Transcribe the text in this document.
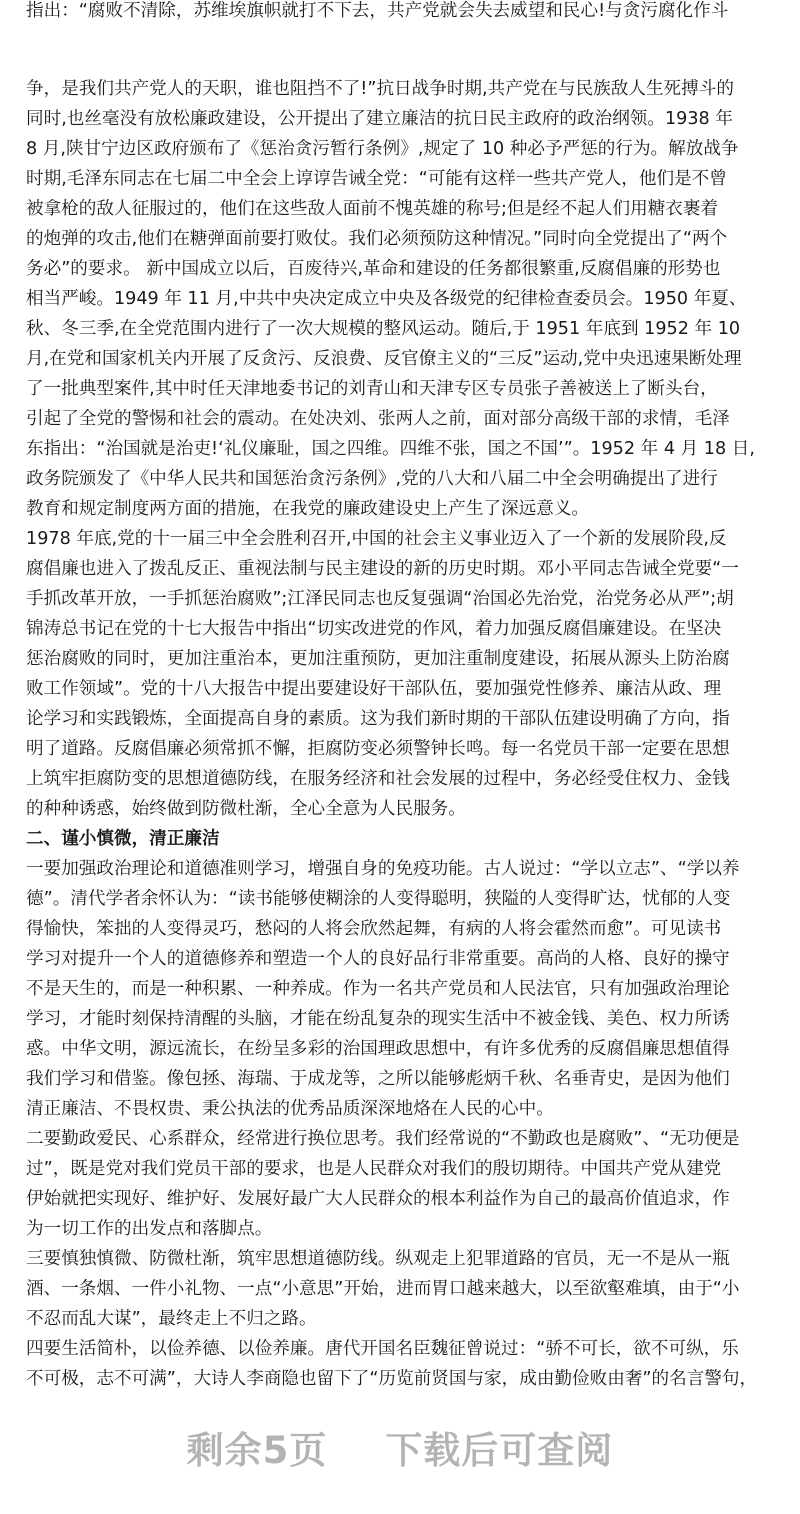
指出：“腐败不清除，苏维埃旗帜就打不下去，共产党就会失去威望和民心!与贪污腐化作斗
争，是我们共产党人的天职，谁也阻挡不了!”抗日战争时期,共产党在与民族敌人生死搏斗的
同时,也丝毫没有放松廉政建设，公开提出了建立廉洁的抗日民主政府的政治纲领。1938 年
8 月,陕甘宁边区政府颁布了《惩治贪污暂行条例》,规定了 10 种必予严惩的行为。解放战争
时期,毛泽东同志在七届二中全会上谆谆告诫全党：“可能有这样一些共产党人，他们是不曾
被拿枪的敌人征服过的，他们在这些敌人面前不愧英雄的称号;但是经不起人们用糖衣裹着
的炮弹的攻击,他们在糖弹面前要打败仗。我们必须预防这种情况。”同时向全党提出了“两个
务必”的要求。 新中国成立以后，百废待兴,革命和建设的任务都很繁重,反腐倡廉的形势也
相当严峻。1949 年 11 月,中共中央决定成立中央及各级党的纪律检查委员会。1950 年夏、
秋、冬三季,在全党范围内进行了一次大规模的整风运动。随后,于 1951 年底到 1952 年 10
月,在党和国家机关内开展了反贪污、反浪费、反官僚主义的“三反”运动,党中央迅速果断处理
了一批典型案件,其中时任天津地委书记的刘青山和天津专区专员张子善被送上了断头台，
引起了全党的警惕和社会的震动。在处决刘、张两人之前，面对部分高级干部的求情，毛泽
东指出：“治国就是治吏!‘礼仪廉耻，国之四维。四维不张，国之不国’”。1952 年 4 月 18 日,
政务院颁发了《中华人民共和国惩治贪污条例》,党的八大和八届二中全会明确提出了进行
教育和规定制度两方面的措施，在我党的廉政建设史上产生了深远意义。
1978 年底,党的十一届三中全会胜利召开,中国的社会主义事业迈入了一个新的发展阶段,反
腐倡廉也进入了拨乱反正、重视法制与民主建设的新的历史时期。邓小平同志告诫全党要“一
手抓改革开放，一手抓惩治腐败”;江泽民同志也反复强调“治国必先治党，治党务必从严”;胡
锦涛总书记在党的十七大报告中指出“切实改进党的作风，着力加强反腐倡廉建设。在坚决
惩治腐败的同时，更加注重治本，更加注重预防，更加注重制度建设，拓展从源头上防治腐
败工作领域”。党的十八大报告中提出要建设好干部队伍，要加强党性修养、廉洁从政、理
论学习和实践锻炼，全面提高自身的素质。这为我们新时期的干部队伍建设明确了方向，指
明了道路。反腐倡廉必须常抓不懈，拒腐防变必须警钟长鸣。每一名党员干部一定要在思想
上筑牢拒腐防变的思想道德防线，在服务经济和社会发展的过程中，务必经受住权力、金钱
的种种诱惑，始终做到防微杜渐，全心全意为人民服务。
二、谨小慎微，清正廉洁
一要加强政治理论和道德准则学习，增强自身的免疫功能。古人说过：“学以立志”、“学以养
德”。清代学者余怀认为：“读书能够使糊涂的人变得聪明，狭隘的人变得旷达，忧郁的人变
得愉快，笨拙的人变得灵巧，愁闷的人将会欣然起舞，有病的人将会霍然而愈”。可见读书
学习对提升一个人的道德修养和塑造一个人的良好品行非常重要。高尚的人格、良好的操守
不是天生的，而是一种积累、一种养成。作为一名共产党员和人民法官，只有加强政治理论
学习，才能时刻保持清醒的头脑，才能在纷乱复杂的现实生活中不被金钱、美色、权力所诱
惑。中华文明，源远流长，在纷呈多彩的治国理政思想中，有许多优秀的反腐倡廉思想值得
我们学习和借鉴。像包拯、海瑞、于成龙等，之所以能够彪炳千秋、名垂青史，是因为他们
清正廉洁、不畏权贵、秉公执法的优秀品质深深地烙在人民的心中。
二要勤政爱民、心系群众，经常进行换位思考。我们经常说的“不勤政也是腐败”、“无功便是
过”，既是党对我们党员干部的要求，也是人民群众对我们的殷切期待。中国共产党从建党
伊始就把实现好、维护好、发展好最广大人民群众的根本利益作为自己的最高价值追求，作
为一切工作的出发点和落脚点。
三要慎独慎微、防微杜渐，筑牢思想道德防线。纵观走上犯罪道路的官员，无一不是从一瓶
酒、一条烟、一件小礼物、一点“小意思”开始，进而胃口越来越大，以至欲壑难填，由于“小
不忍而乱大谋”，最终走上不归之路。
四要生活简朴，以俭养德、以俭养廉。唐代开国名臣魏征曾说过：“骄不可长，欲不可纵，乐
不可极，志不可满”，大诗人李商隐也留下了“历览前贤国与家，成由勤俭败由奢”的名言警句，
剩余5页 下载后可查阅
